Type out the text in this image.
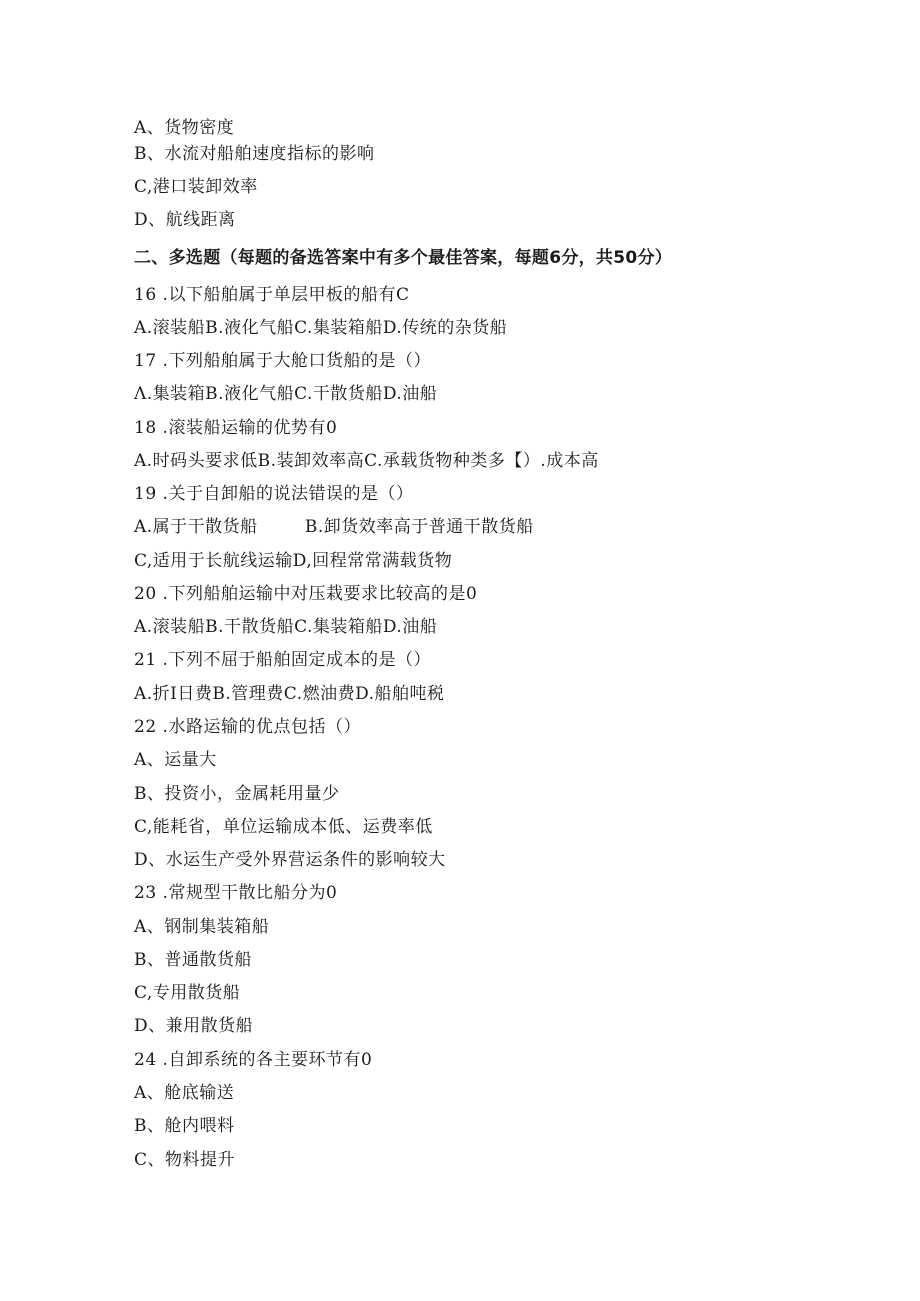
A、货物密度
B、水流对船舶速度指标的影响
C,港口装卸效率
D、航线距离
二、多选题（每题的备选答案中有多个最佳答案，每题6分，共50分）
16 .以下船舶属于单层甲板的船有C
A.滚装船B.液化气船C.集装箱船D.传统的杂货船
17 .下列船舶属于大舱口货船的是（）
Λ.集装箱B.液化气船C.干散货船D.油船
18 .滚装船运输的优势有0
A.时码头要求低B.装卸效率高C.承载货物种类多【）.成本高
19 .关于自卸船的说法错误的是（）
A.属于干散货船        B.卸货效率高于普通干散货船
C,适用于长航线运输D,回程常常满载货物
20 .下列船舶运输中对压栽要求比较高的是0
A.滚装船B.干散货船C.集装箱船D.油船
21 .下列不屈于船舶固定成本的是（）
A.折I日费B.管理费C.燃油费D.船舶吨税
22 .水路运输的优点包括（）
A、运量大
B、投资小，金属耗用量少
C,能耗省，单位运输成本低、运费率低
D、水运生产受外界营运条件的影响较大
23 .常规型干散比船分为0
A、钢制集装箱船
B、普通散货船
C,专用散货船
D、兼用散货船
24 .自卸系统的各主要环节有0
A、舱底输送
B、舱内喂料
C、物料提升
